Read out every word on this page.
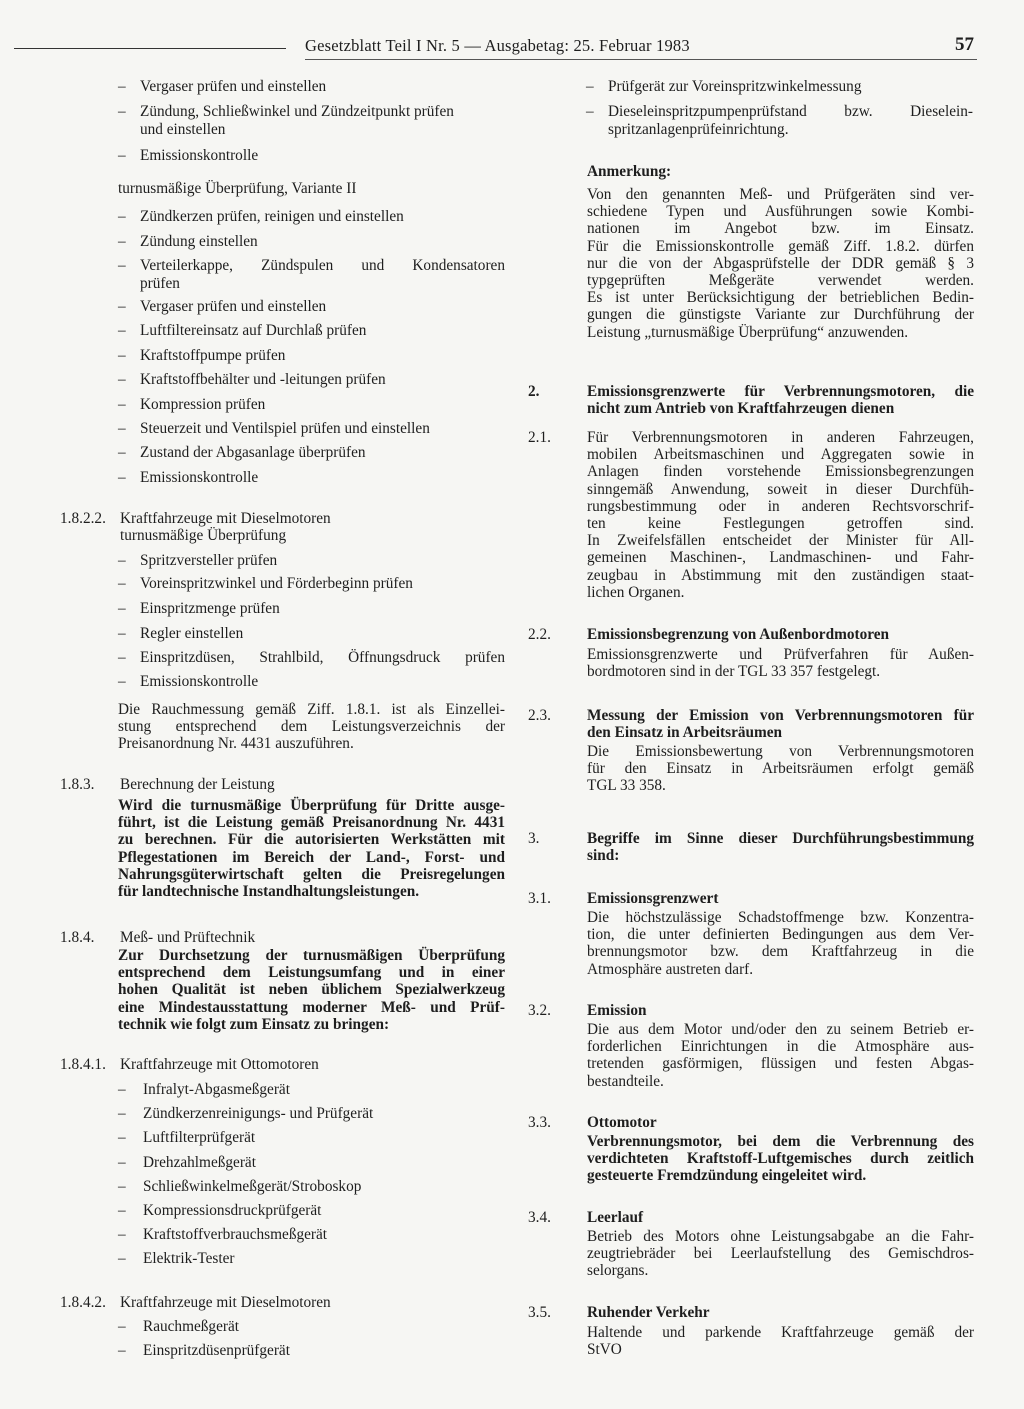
Gesetzblatt Teil I Nr. 5 — Ausgabetag: 25. Februar 1983	57
– Vergaser prüfen und einstellen
– Zündung, Schließwinkel und Zündzeitpunkt prüfen
und einstellen
– Emissionskontrolle
turnusmäßige Überprüfung, Variante II
– Zündkerzen prüfen, reinigen und einstellen
– Zündung einstellen
– Verteilerkappe, Zündspulen und Kondensatoren
– Vergaser prüfen und einstellen
– Luftfiltereinsatz auf Durchlaß prüfen
– Kraftstoffpumpe prüfen
– Kraftstoffbehälter und -leitungen prüfen
– Kompression prüfen
– Steuerzeit und Ventilspiel prüfen und einstellen
– Zustand der Abgasanlage überprüfen
– Emissionskontrolle
prüfen
1.8.2.2. Kraftfahrzeuge mit Dieselmotoren
turnusmäßige Überprüfung
– Spritzversteller prüfen
– Voreinspritzwinkel und Förderbeginn prüfen
– Einspritzmenge prüfen
– Regler einstellen
– Einspritzdüsen, Strahlbild, Öffnungsdruck prüfen
– Emissionskontrolle
Die Rauchmessung gemäß Ziff. 1.8.1. ist als Einzellei-
stung entsprechend dem Leistungsverzeichnis der
Preisanordnung Nr. 4431 auszuführen.
1.8.3. Berechnung der Leistung
Wird die turnusmäßige Überprüfung für Dritte ausge-
führt, ist die Leistung gemäß Preisanordnung Nr. 4431
zu berechnen. Für die autorisierten Werkstätten mit
Pflegestationen im Bereich der Land-, Forst- und
Nahrungsgüterwirtschaft gelten die Preisregelungen
für landtechnische Instandhaltungsleistungen.
1.8.4. Meß- und Prüftechnik
Zur Durchsetzung der turnusmäßigen Überprüfung
entsprechend dem Leistungsumfang und in einer
hohen Qualität ist neben üblichem Spezialwerkzeug
eine Mindestausstattung moderner Meß- und Prüf-
technik wie folgt zum Einsatz zu bringen:
1.8.4.1. Kraftfahrzeuge mit Ottomotoren
– Infralyt-Abgasmeßgerät
– Zündkerzenreinigungs- und Prüfgerät
– Luftfilterprüfgerät
– Drehzahlmeßgerät
– Schließwinkelmeßgerät/Stroboskop
– Kompressionsdruckprüfgerät
– Kraftstoffverbrauchsmeßgerät
– Elektrik-Tester
1.8.4.2. Kraftfahrzeuge mit Dieselmotoren
– Rauchmeßgerät
– Einspritzdüsenprüfgerät
– Prüfgerät zur Voreinspritzwinkelmessung
– Dieseleinspritzpumpenprüfstand bzw. Dieselein-
spritzanlagenprüfeinrichtung.
Anmerkung:
Von den genannten Meß- und Prüfgeräten sind ver-
schiedene Typen und Ausführungen sowie Kombi-
nationen im Angebot bzw. im Einsatz.
Für die Emissionskontrolle gemäß Ziff. 1.8.2. dürfen
nur die von der Abgasprüfstelle der DDR gemäß § 3
typgeprüften Meßgeräte verwendet werden.
Es ist unter Berücksichtigung der betrieblichen Bedin-
gungen die günstigste Variante zur Durchführung der
Leistung „turnusmäßige Überprüfung“ anzuwenden.
2.	Emissionsgrenzwerte für Verbrennungsmotoren, die
nicht zum Antrieb von Kraftfahrzeugen dienen
2.1. Für Verbrennungsmotoren in anderen Fahrzeugen,
mobilen Arbeitsmaschinen und Aggregaten sowie in
Anlagen finden vorstehende Emissionsbegrenzungen
sinngemäß Anwendung, soweit in dieser Durchfüh-
rungsbestimmung oder in anderen Rechtsvorschrif-
ten keine Festlegungen getroffen sind.
In Zweifelsfällen entscheidet der Minister für All-
gemeinen Maschinen-, Landmaschinen- und Fahr-
zeugbau in Abstimmung mit den zuständigen staat-
lichen Organen.
2.2. Emissionsbegrenzung von Außenbordmotoren
Emissionsgrenzwerte und Prüfverfahren für Außen-
bordmotoren sind in der TGL 33 357 festgelegt.
2.3. Messung der Emission von Verbrennungsmotoren für
den Einsatz in Arbeitsräumen
Die Emissionsbewertung von Verbrennungsmotoren
für den Einsatz in Arbeitsräumen erfolgt gemäß
TGL 33 358.
3.	Begriffe im Sinne dieser Durchführungsbestimmung
sind:
3.1. Emissionsgrenzwert
Die höchstzulässige Schadstoffmenge bzw. Konzentra-
tion, die unter definierten Bedingungen aus dem Ver-
brennungsmotor bzw. dem Kraftfahrzeug in die
Atmosphäre austreten darf.
3.2. Emission
Die aus dem Motor und/oder den zu seinem Betrieb er-
forderlichen Einrichtungen in die Atmosphäre aus-
tretenden gasförmigen, flüssigen und festen Abgas-
bestandteile.
3.3. Ottomotor
Verbrennungsmotor, bei dem die Verbrennung des
verdichteten Kraftstoff-Luftgemisches durch zeitlich
gesteuerte Fremdzündung eingeleitet wird.
3.4. Leerlauf
Betrieb des Motors ohne Leistungsabgabe an die Fahr-
zeugtriebräder bei Leerlaufstellung des Gemischdros-
selorgans.
3.5. Ruhender Verkehr
Haltende und parkende Kraftfahrzeuge gemäß der
StVO
